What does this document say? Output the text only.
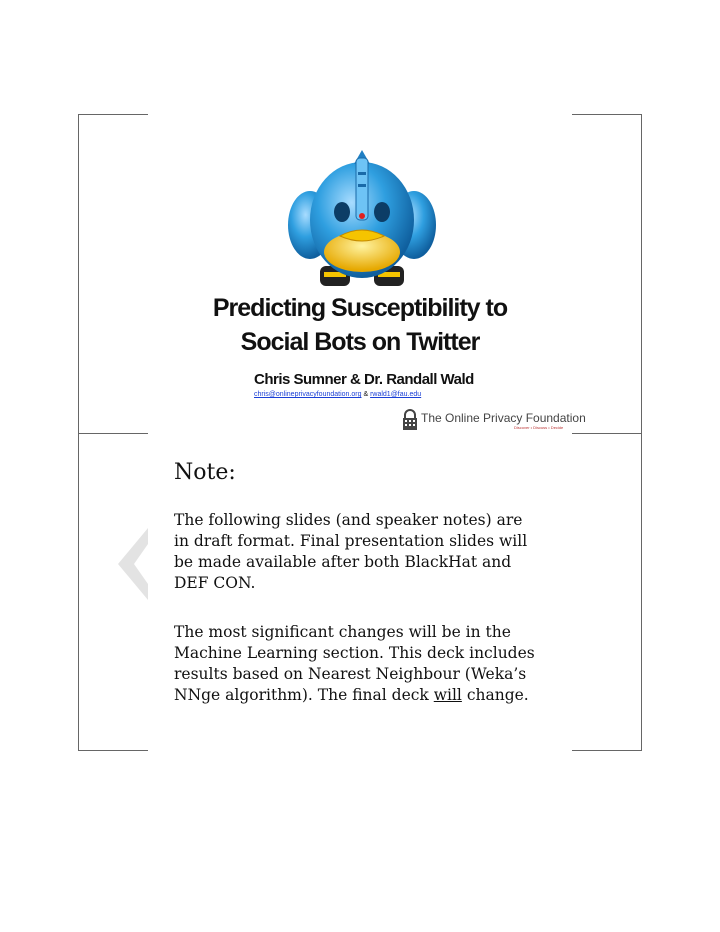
Predicting Susceptibility to
Social Bots on Twitter
Chris Sumner & Dr. Randall Wald
chris@onlineprivacyfoundation.org & rwald1@fau.edu
The Online Privacy Foundation
Discover • Discuss • Decide
Note:
The following slides (and speaker notes) are
in draft format. Final presentation slides will
be made available after both BlackHat and
DEF CON.
The most significant changes will be in the
Machine Learning section. This deck includes
results based on Nearest Neighbour (Weka’s
NNge algorithm). The final deck will change.
